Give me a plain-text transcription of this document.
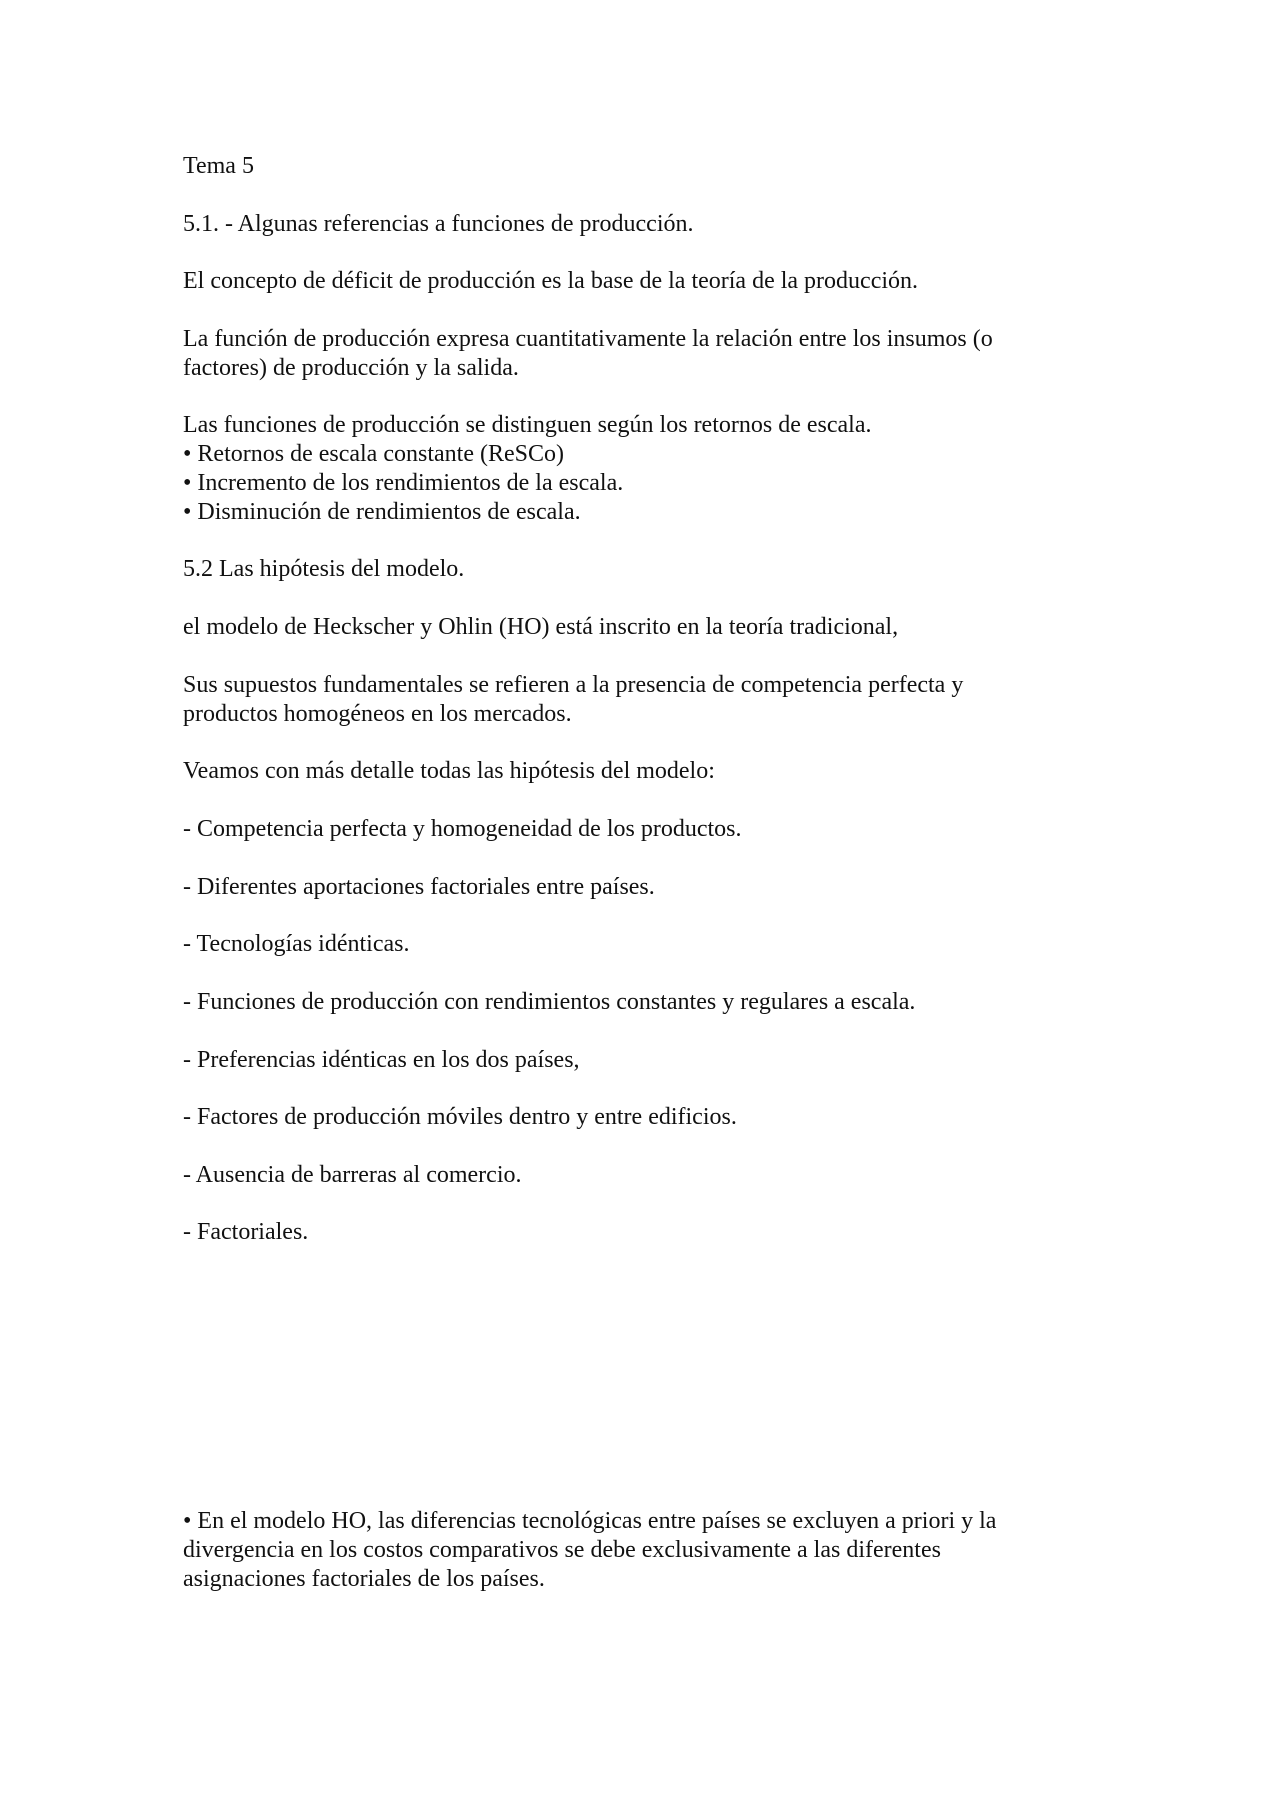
Tema 5

5.1. - Algunas referencias a funciones de producción.

El concepto de déficit de producción es la base de la teoría de la producción.

La función de producción expresa cuantitativamente la relación entre los insumos (o

factores) de producción y la salida.

Las funciones de producción se distinguen según los retornos de escala.

• Retornos de escala constante (ReSCo)

• Incremento de los rendimientos de la escala.

• Disminución de rendimientos de escala.

5.2 Las hipótesis del modelo.

el modelo de Heckscher y Ohlin (HO) está inscrito en la teoría tradicional,

Sus supuestos fundamentales se refieren a la presencia de competencia perfecta y

productos homogéneos en los mercados.

Veamos con más detalle todas las hipótesis del modelo:

- Competencia perfecta y homogeneidad de los productos.

- Diferentes aportaciones factoriales entre países.

- Tecnologías idénticas.

- Funciones de producción con rendimientos constantes y regulares a escala.

- Preferencias idénticas en los dos países,

- Factores de producción móviles dentro y entre edificios.

- Ausencia de barreras al comercio.

- Factoriales.

• En el modelo HO, las diferencias tecnológicas entre países se excluyen a priori y la

divergencia en los costos comparativos se debe exclusivamente a las diferentes

asignaciones factoriales de los países.
